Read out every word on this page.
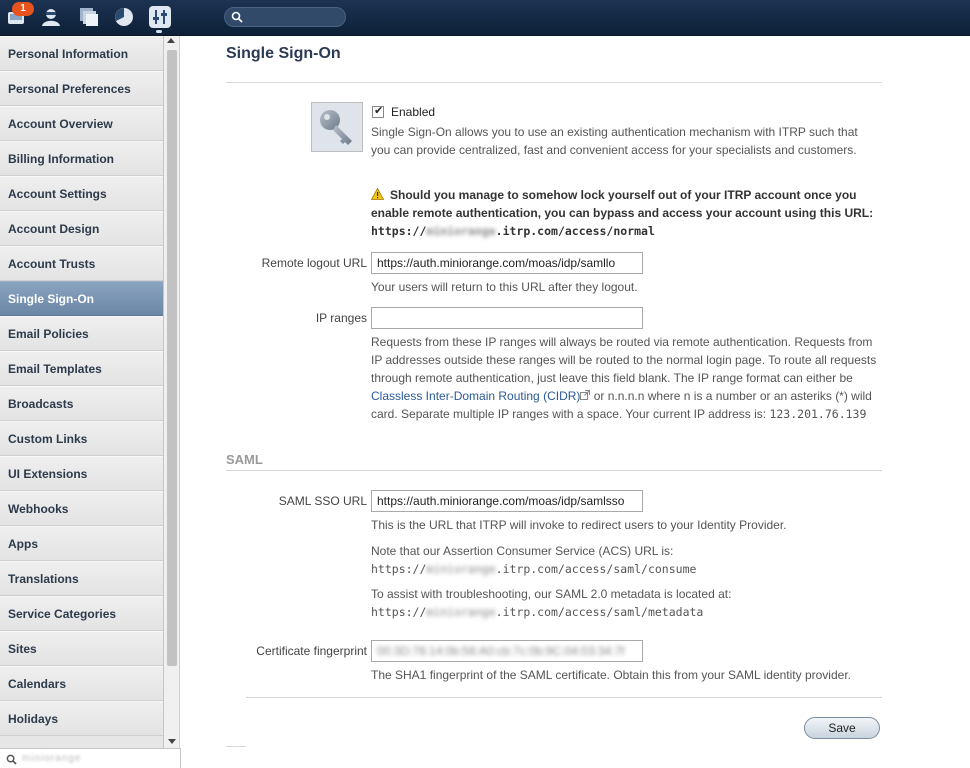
1
Personal Information
Personal Preferences
Account Overview
Billing Information
Account Settings
Account Design
Account Trusts
Single Sign-On
Email Policies
Email Templates
Broadcasts
Custom Links
UI Extensions
Webhooks
Apps
Translations
Service Categories
Sites
Calendars
Holidays
miniorange
Single Sign-On
✔
Enabled
Single Sign-On allows you to use an existing authentication mechanism with ITRP such that you can provide centralized, fast and convenient access for your specialists and customers.
Should you manage to somehow lock yourself out of your ITRP account once you enable remote authentication, you can bypass and access your account using this URL: https://miniorange.itrp.com/access/normal
Remote logout URL https://auth.miniorange.com/moas/idp/samllo
Your users will return to this URL after they logout.
IP ranges
Requests from these IP ranges will always be routed via remote authentication. Requests from IP addresses outside these ranges will be routed to the normal login page. To route all requests through remote authentication, just leave this field blank. The IP range format can either be Classless Inter-Domain Routing (CIDR) or n.n.n.n where n is a number or an asteriks (*) wild card. Separate multiple IP ranges with a space. Your current IP address is: 123.201.76.139
SAML
SAML SSO URL https://auth.miniorange.com/moas/idp/samlsso
This is the URL that ITRP will invoke to redirect users to your Identity Provider.
Note that our Assertion Consumer Service (ACS) URL is:
https://miniorange.itrp.com/access/saml/consume
To assist with troubleshooting, our SAML 2.0 metadata is located at:
https://miniorange.itrp.com/access/saml/metadata
Certificate fingerprint 00:3D:78:14:0b:56:A0:cb:7c:0b:9C:04:03:34:7f
The SHA1 fingerprint of the SAML certificate. Obtain this from your SAML identity provider.
Save
